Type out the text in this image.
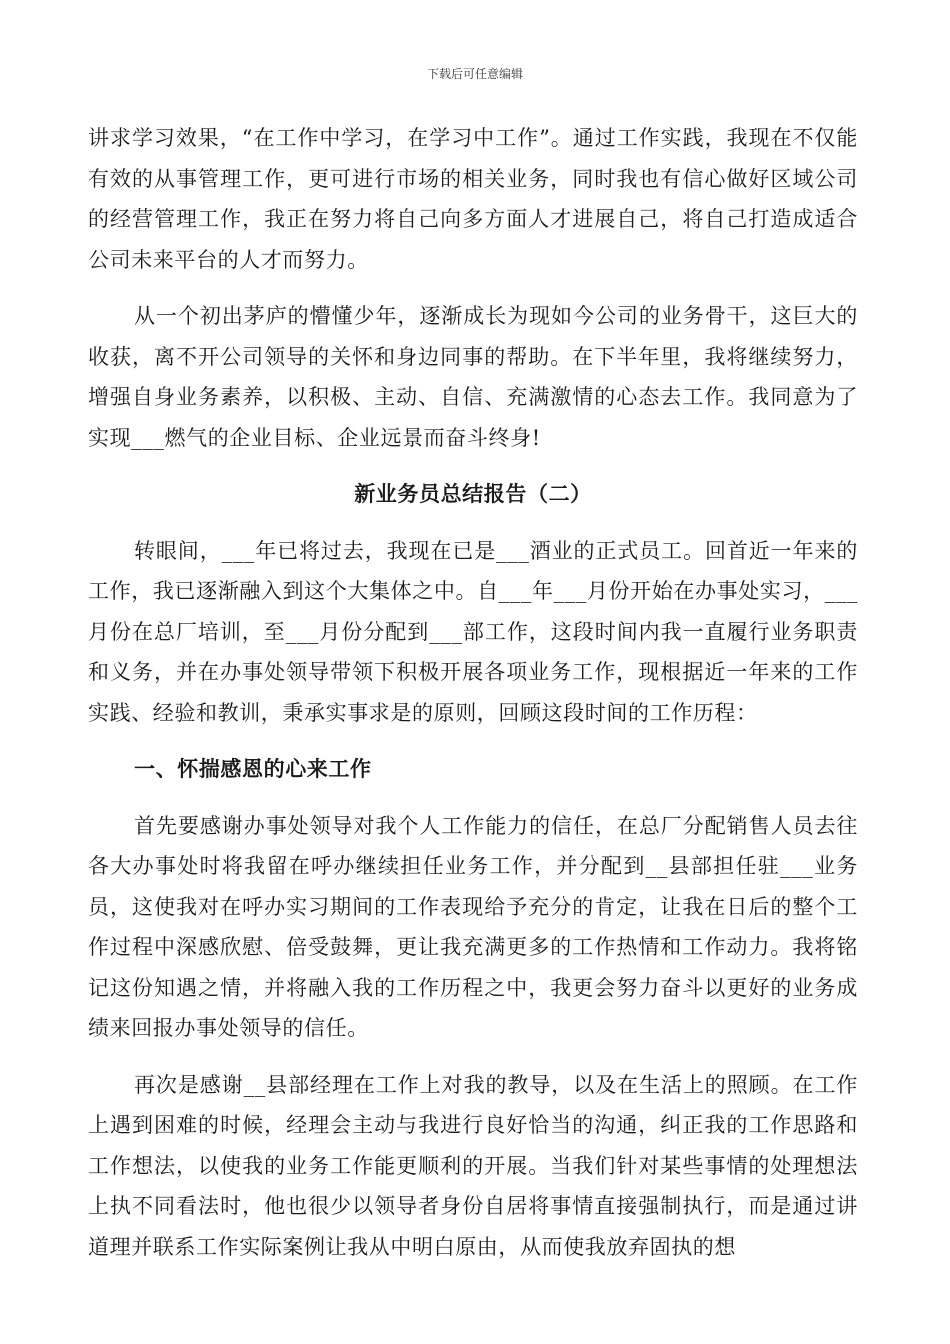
下载后可任意编辑

讲求学习效果，“在工作中学习，在学习中工作”。通过工作实践，我现在不仅能有效的从事管理工作，更可进行市场的相关业务，同时我也有信心做好区域公司的经营管理工作，我正在努力将自己向多方面人才进展自己，将自己打造成适合公司未来平台的人才而努力。

从一个初出茅庐的懵懂少年，逐渐成长为现如今公司的业务骨干，这巨大的收获，离不开公司领导的关怀和身边同事的帮助。在下半年里，我将继续努力，增强自身业务素养，以积极、主动、自信、充满激情的心态去工作。我同意为了实现___燃气的企业目标、企业远景而奋斗终身!

新业务员总结报告（二）

转眼间，___年已将过去，我现在已是___酒业的正式员工。回首近一年来的工作，我已逐渐融入到这个大集体之中。自___年___月份开始在办事处实习，___月份在总厂培训，至___月份分配到___部工作，这段时间内我一直履行业务职责和义务，并在办事处领导带领下积极开展各项业务工作，现根据近一年来的工作实践、经验和教训，秉承实事求是的原则，回顾这段时间的工作历程：

一、怀揣感恩的心来工作

首先要感谢办事处领导对我个人工作能力的信任，在总厂分配销售人员去往各大办事处时将我留在呼办继续担任业务工作，并分配到__县部担任驻___业务员，这使我对在呼办实习期间的工作表现给予充分的肯定，让我在日后的整个工作过程中深感欣慰、倍受鼓舞，更让我充满更多的工作热情和工作动力。我将铭记这份知遇之情，并将融入我的工作历程之中，我更会努力奋斗以更好的业务成绩来回报办事处领导的信任。

再次是感谢__县部经理在工作上对我的教导，以及在生活上的照顾。在工作上遇到困难的时候，经理会主动与我进行良好恰当的沟通，纠正我的工作思路和工作想法，以使我的业务工作能更顺利的开展。当我们针对某些事情的处理想法上执不同看法时，他也很少以领导者身份自居将事情直接强制执行，而是通过讲道理并联系工作实际案例让我从中明白原由，从而使我放弃固执的想
